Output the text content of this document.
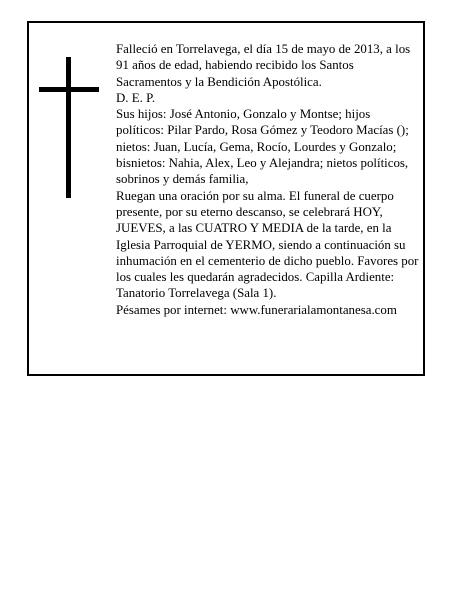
Falleció en Torrelavega, el día 15 de mayo de 2013, a los 91 años de edad, habiendo recibido los Santos Sacramentos y la Bendición Apostólica.

D. E. P.

Sus hijos: José Antonio, Gonzalo y Montse; hijos políticos: Pilar Pardo, Rosa Gómez y Teodoro Macías (); nietos: Juan, Lucía, Gema, Rocío, Lourdes y Gonzalo; bisnietos: Nahia, Alex, Leo y Alejandra; nietos políticos, sobrinos y demás familia,

Ruegan una oración por su alma. El funeral de cuerpo presente, por su eterno descanso, se celebrará HOY, JUEVES, a las CUATRO Y MEDIA de la tarde, en la Iglesia Parroquial de YERMO, siendo a continuación su inhumación en el cementerio de dicho pueblo. Favores por los cuales les quedarán agradecidos. Capilla Ardiente: Tanatorio Torrelavega (Sala 1).

Pésames por internet: www.funerarialamontanesa.com
